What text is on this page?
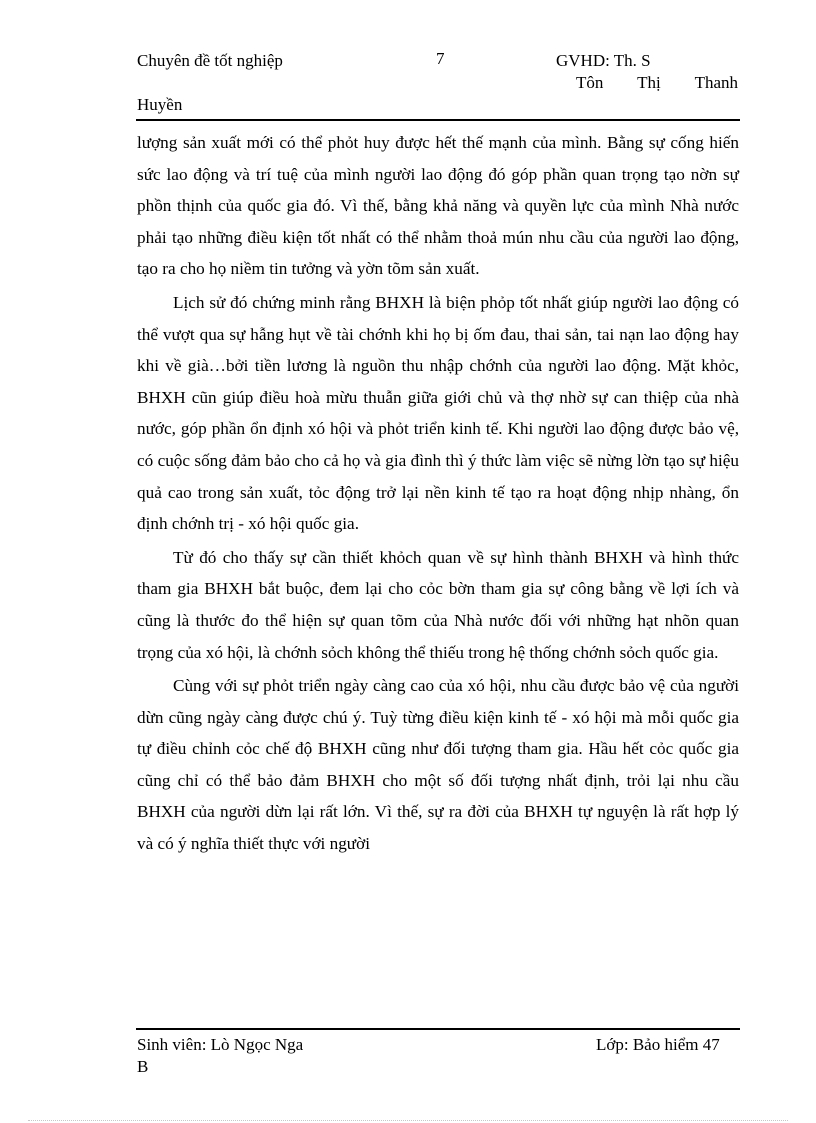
Chuyên đề tốt nghiệp	7	GVHD: Th. S
Tôn Thị Thanh
Huyền

lượng sản xuất mới có thể phỏt huy được hết thế mạnh của mình. Bằng sự cống hiến sức lao động và trí tuệ của mình người lao động đó góp phần quan trọng tạo nờn sự phồn thịnh của quốc gia đó. Vì thế, bằng khả năng và quyền lực của mình Nhà nước phải tạo những điều kiện tốt nhất có thể nhằm thoả mún nhu cầu của người lao động, tạo ra cho họ niềm tin tưởng và yờn tõm sản xuất.

Lịch sử đó chứng minh rằng BHXH là biện phỏp tốt nhất giúp người lao động có thể vượt qua sự hẫng hụt về tài chớnh khi họ bị ốm đau, thai sản, tai nạn lao động hay khi về già…bởi tiền lương là nguồn thu nhập chớnh của người lao động. Mặt khỏc, BHXH cũn giúp điều hoà mừu thuẫn giữa giới chủ và thợ nhờ sự can thiệp của nhà nước, góp phần ổn định xó hội và phỏt triển kinh tế. Khi người lao động được bảo vệ, có cuộc sống đảm bảo cho cả họ và gia đình thì ý thức làm việc sẽ nừng lờn tạo sự hiệu quả cao trong sản xuất, tỏc động trở lại nền kinh tế tạo ra hoạt động nhịp nhàng, ổn định chớnh trị - xó hội quốc gia.

Từ đó cho thấy sự cần thiết khỏch quan về sự hình thành BHXH và hình thức tham gia BHXH bắt buộc, đem lại cho cỏc bờn tham gia sự công bằng về lợi ích và cũng là thước đo thể hiện sự quan tõm của Nhà nước đối với những hạt nhõn quan trọng của xó hội, là chớnh sỏch không thể thiếu trong hệ thống chớnh sỏch quốc gia.

Cùng với sự phỏt triển ngày càng cao của xó hội, nhu cầu được bảo vệ của người dừn cũng ngày càng được chú ý. Tuỳ từng điều kiện kinh tế - xó hội mà mỗi quốc gia tự điều chỉnh cỏc chế độ BHXH cũng như đối tượng tham gia. Hầu hết cỏc quốc gia cũng chỉ có thể bảo đảm BHXH cho một số đối tượng nhất định, trỏi lại nhu cầu BHXH của người dừn lại rất lớn. Vì thế, sự ra đời của BHXH tự nguyện là rất hợp lý và có ý nghĩa thiết thực với người

Sinh viên: Lò Ngọc Nga	Lớp: Bảo hiểm 47
B
